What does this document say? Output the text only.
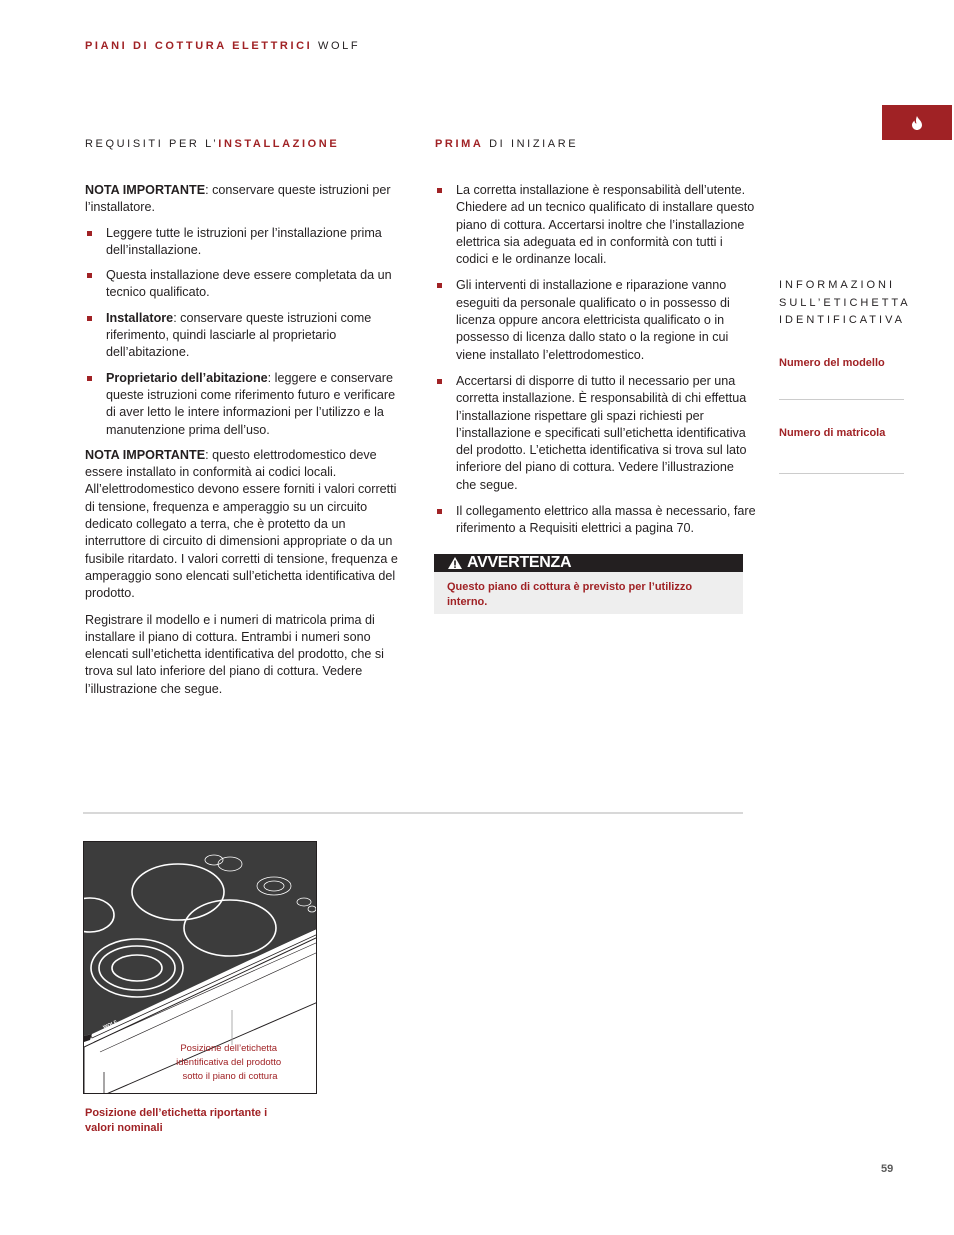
PIANI DI COTTURA ELETTRICI WOLF
REQUISITI PER L’INSTALLAZIONE

NOTA IMPORTANTE: conservare queste istruzioni per l’installatore.

Leggere tutte le istruzioni per l’installazione prima dell’installazione.
Questa installazione deve essere completata da un tecnico qualificato.
Installatore: conservare queste istruzioni come riferimento, quindi lasciarle al proprietario dell’abitazione.
Proprietario dell’abitazione: leggere e conservare queste istruzioni come riferimento futuro e verificare di aver letto le intere informazioni per l’utilizzo e la manutenzione prima dell’uso.

NOTA IMPORTANTE: questo elettrodomestico deve essere installato in conformità ai codici locali. All’elettrodomestico devono essere forniti i valori corretti di tensione, frequenza e amperaggio su un circuito dedicato collegato a terra, che è protetto da un interruttore di circuito di dimensioni appropriate o da un fusibile ritardato. I valori corretti di tensione, frequenza e amperaggio sono elencati sull’etichetta identificativa del prodotto.

Registrare il modello e i numeri di matricola prima di installare il piano di cottura. Entrambi i numeri sono elencati sull’etichetta identificativa del prodotto, che si trova sul lato inferiore del piano di cottura. Vedere l’illustrazione che segue.

PRIMA DI INIZIARE
La corretta installazione è responsabilità dell’utente. Chiedere ad un tecnico qualificato di installare questo piano di cottura. Accertarsi inoltre che l’installazione elettrica sia adeguata ed in conformità con tutti i codici e le ordinanze locali.
Gli interventi di installazione e riparazione vanno eseguiti da personale qualificato o in possesso di licenza oppure ancora elettricista qualificato o in possesso di licenza dallo stato o la regione in cui viene installato l’elettrodomestico.
Accertarsi di disporre di tutto il necessario per una corretta installazione. È responsabilità di chi effettua l’installazione rispettare gli spazi richiesti per l’installazione e specificati sull’etichetta identificativa del prodotto. L’etichetta identificativa si trova sul lato inferiore del piano di cottura. Vedere l’illustrazione che segue.
Il collegamento elettrico alla massa è necessario, fare riferimento a Requisiti elettrici a pagina 70.
AVVERTENZA
Questo piano di cottura è previsto per l’utilizzo interno.
INFORMAZIONI
SULL’ETICHETTA
IDENTIFICATIVA
Numero del modello
Numero di matricola
WOLF
Posizione dell’etichetta identificativa del prodotto sotto il piano di cottura
Posizione dell’etichetta riportante i
valori nominali
59
